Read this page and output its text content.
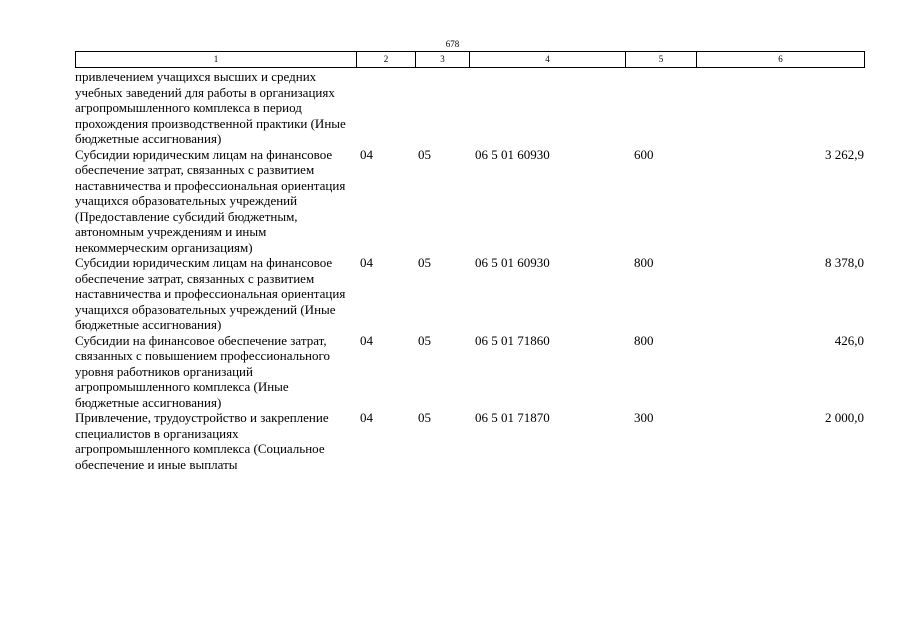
678
1	2	3	4	5	6
привлечением учащихся высших и средних учебных заведений для работы в организациях агропромышленного комплекса в период прохождения производственной практики (Иные бюджетные ассигнования)					
Субсидии юридическим лицам на финансовое обеспечение затрат, связанных с развитием наставничества и профессиональная ориентация учащихся образовательных учреждений (Предоставление субсидий бюджетным, автономным учреждениям и иным некоммерческим организациям)	04	05	06 5 01 60930	600	3 262,9
Субсидии юридическим лицам на финансовое обеспечение затрат, связанных с развитием наставничества и профессиональная ориентация учащихся образовательных учреждений (Иные бюджетные ассигнования)	04	05	06 5 01 60930	800	8 378,0
Субсидии на финансовое обеспечение затрат, связанных с повышением профессионального уровня работников организаций агропромышленного комплекса (Иные бюджетные ассигнования)	04	05	06 5 01 71860	800	426,0
Привлечение, трудоустройство и закрепление специалистов в организациях агропромышленного комплекса (Социальное обеспечение и иные выплаты	04	05	06 5 01 71870	300	2 000,0
